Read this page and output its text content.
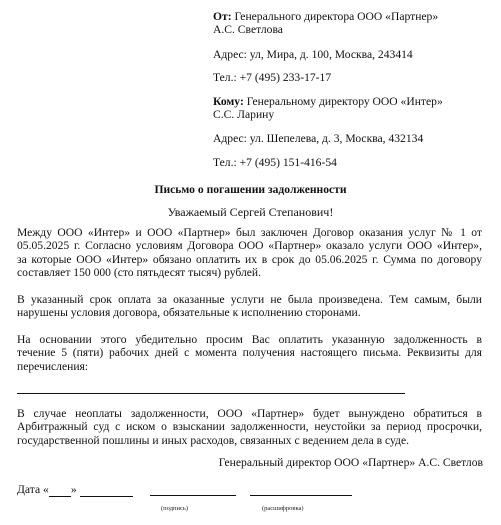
От: Генерального директора ООО «Партнер»
А.С. Светлова
Адрес: ул, Мира, д. 100, Москва, 243414
Тел.: +7 (495) 233-17-17
Кому: Генеральному директору ООО «Интер»
С.С. Ларину
Адрес: ул. Шепелева, д. 3, Москва, 432134
Тел.: +7 (495) 151-416-54
Письмо о погашении задолженности
Уважаемый Сергей Степанович!
Между ООО «Интер» и ООО «Партнер» был заключен Договор оказания услуг № 1 от
05.05.2025 г. Согласно условиям Договора ООО «Партнер» оказало услуги ООО «Интер»,
за которые ООО «Интер» обязано оплатить их в срок до 05.06.2025 г. Сумма по договору
составляет 150 000 (сто пятьдесят тысяч) рублей.
В указанный срок оплата за оказанные услуги не была произведена. Тем самым, были
нарушены условия договора, обязательные к исполнению сторонами.
На основании этого убедительно просим Вас оплатить указанную задолженность в
течение 5 (пяти) рабочих дней с момента получения настоящего письма. Реквизиты для
перечисления:
В случае неоплаты задолженности, ООО «Партнер» будет вынуждено обратиться в
Арбитражный суд с иском о взыскании задолженности, неустойки за период просрочки,
государственной пошлины и иных расходов, связанных с ведением дела в суде.
Генеральный директор ООО «Партнер» А.С. Светлов
Дата « »
(подпись)	(расшифровка)
